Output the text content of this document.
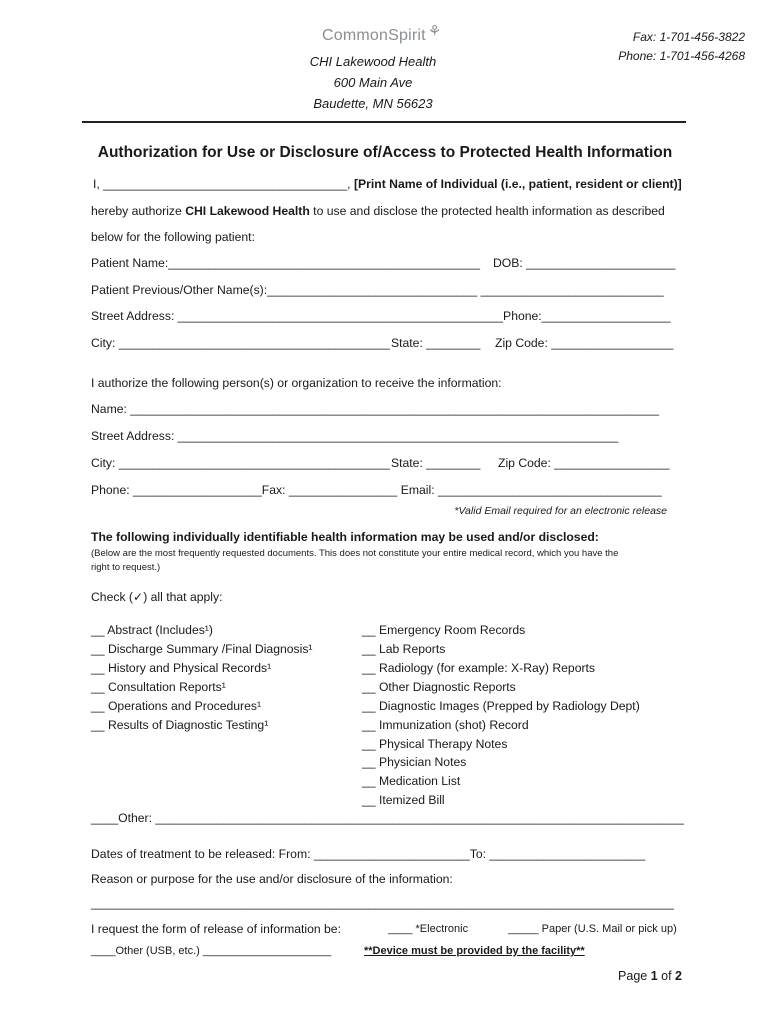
CommonSpirit ⚘
CHI Lakewood Health
600 Main Ave
Baudette, MN 56623
Fax: 1-701-456-3822
Phone: 1-701-456-4268
Authorization for Use or Disclosure of/Access to Protected Health Information
I, ____________________________________, [Print Name of Individual (i.e., patient, resident or client)]
hereby authorize CHI Lakewood Health to use and disclose the protected health information as described
below for the following patient:
Patient Name:______________________________________________ DOB: ______________________
Patient Previous/Other Name(s):_______________________________ ___________________________
Street Address: ________________________________________________Phone:___________________
City: ________________________________________ State: ________ Zip Code: __________________
I authorize the following person(s) or organization to receive the information:
Name: ______________________________________________________________________________
Street Address: _________________________________________________________________
City: ________________________________________ State: ________ Zip Code: _________________
Phone: ___________________Fax: ________________ Email: _________________________________
*Valid Email required for an electronic release
The following individually identifiable health information may be used and/or disclosed:
(Below are the most frequently requested documents. This does not constitute your entire medical record, which you have the
right to request.)
Check (✓) all that apply:
__ Abstract (Includes¹)
__ Discharge Summary /Final Diagnosis¹
__ History and Physical Records¹
__ Consultation Reports¹
__ Operations and Procedures¹
__ Results of Diagnostic Testing¹
__ Emergency Room Records
__ Lab Reports
__ Radiology (for example: X-Ray) Reports
__ Other Diagnostic Reports
__ Diagnostic Images (Prepped by Radiology Dept)
__ Immunization (shot) Record
__ Physical Therapy Notes
__ Physician Notes
__ Medication List
__ Itemized Bill
____Other: ______________________________________________________________________________
Dates of treatment to be released: From: _______________________To: _______________________
Reason or purpose for the use and/or disclosure of the information:
______________________________________________________________________________________
I request the form of release of information be:	____ *Electronic	_____ Paper (U.S. Mail or pick up)
____Other (USB, etc.) _____________________	**Device must be provided by the facility**
Page 1 of 2
